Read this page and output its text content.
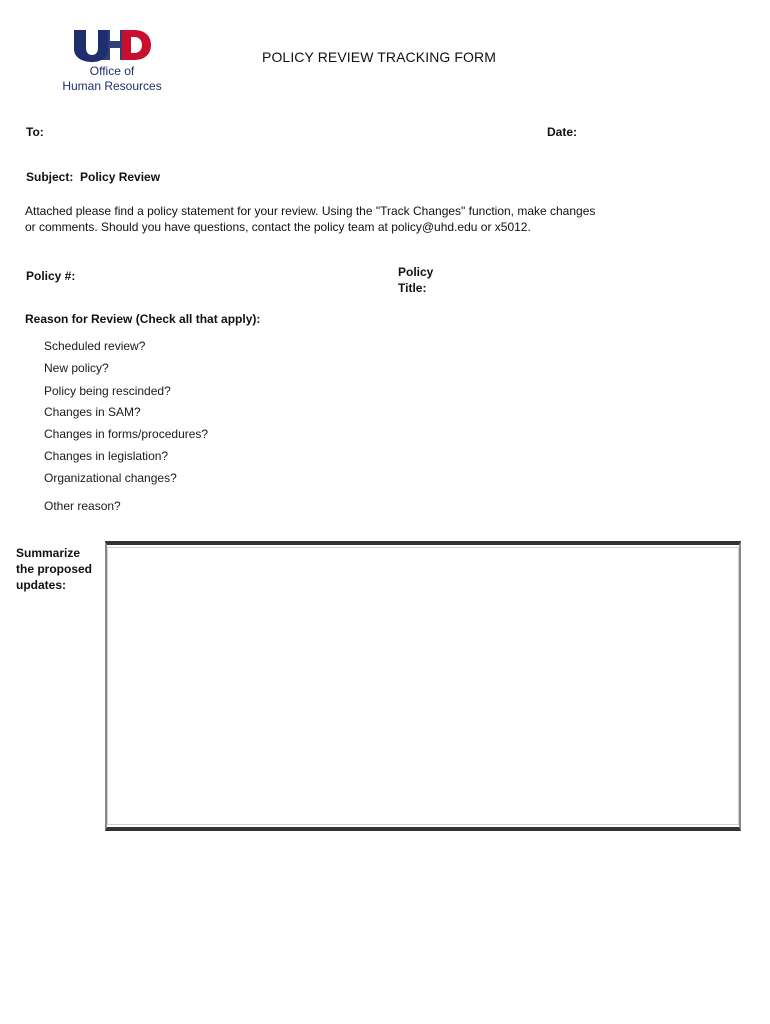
Office of
Human Resources
POLICY REVIEW TRACKING FORM
To:	Date:
Subject: Policy Review
Attached please find a policy statement for your review. Using the "Track Changes" function, make changes
or comments. Should you have questions, contact the policy team at policy@uhd.edu or x5012.
Policy #:	Policy
Title:
Reason for Review (Check all that apply):
Scheduled review?
New policy?
Policy being rescinded?
Changes in SAM?
Changes in forms/procedures?
Changes in legislation?
Organizational changes?
Other reason?
Summarize
the proposed
updates:
